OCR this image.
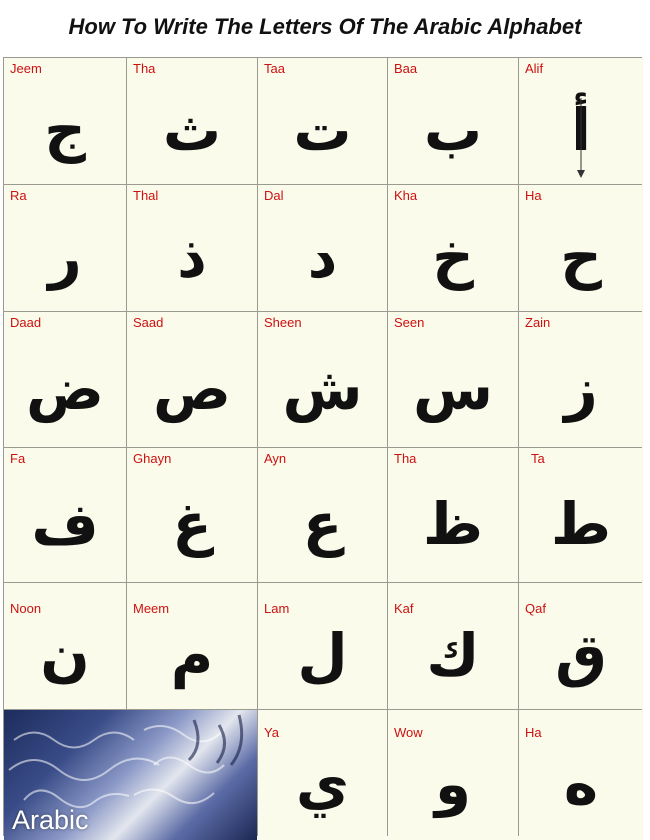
How To Write The Letters Of The Arabic Alphabet
Jeem
ج
Tha
ث
Taa
ت
Baa
ب
Alif
أ
Ra
ر
Thal
ذ
Dal
د
Kha
خ
Ha
ح
Daad
ض
Saad
ص
Sheen
ش
Seen
س
Zain
ز
Fa
ف
Ghayn
غ
Ayn
ع
Tha
ظ
Ta
ط
Noon
ن
Meem
م
Lam
ل
Kaf
ك
Qaf
ق
Arabic
Ya
ي
Wow
و
Ha
ه
